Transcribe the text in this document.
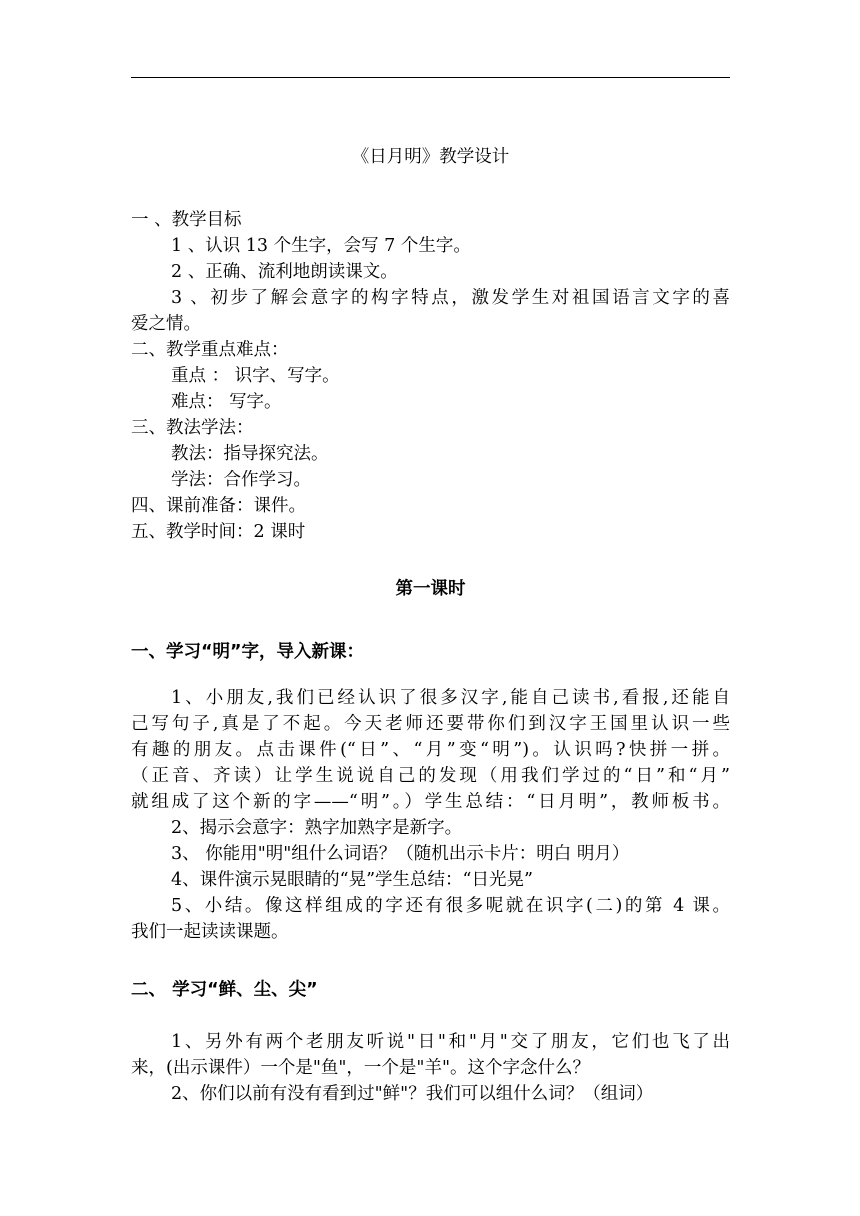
《日月明》教学设计
一 、教学目标
1 、认识 13 个生字，会写 7 个生字。
2 、正确、流利地朗读课文。
3 、初步了解会意字的构字特点，激发学生对祖国语言文字的喜
爱之情。
二、教学重点难点：
重点 ： 识字、写字。
难点： 写字。
三、教法学法：
教法：指导探究法。
学法：合作学习。
四、课前准备：课件。
五、教学时间：2 课时
第一课时
一、学习“明”字，导入新课：
1、小朋友,我们已经认识了很多汉字,能自己读书,看报,还能自
己写句子,真是了不起。今天老师还要带你们到汉字王国里认识一些
有趣的朋友。点击课件(“日”、“月”变“明”)。认识吗?快拼一拼。
（正音、齐读）让学生说说自己的发现（用我们学过的“日”和“月”
就组成了这个新的字——“明”。）学生总结：“日月明”，教师板书。
2、揭示会意字：熟字加熟字是新字。
3、 你能用"明"组什么词语？（随机出示卡片：明白 明月）
4、课件演示晃眼睛的“晃”学生总结：“日光晃”
5、小结。像这样组成的字还有很多呢就在识字(二)的第 4 课。
我们一起读读课题。
二、 学习“鲜、尘、尖”
1、另外有两个老朋友听说"日"和"月"交了朋友，它们也飞了出
来，(出示课件）一个是"鱼"，一个是"羊"。这个字念什么？
2、你们以前有没有看到过"鲜"？我们可以组什么词？（组词）
